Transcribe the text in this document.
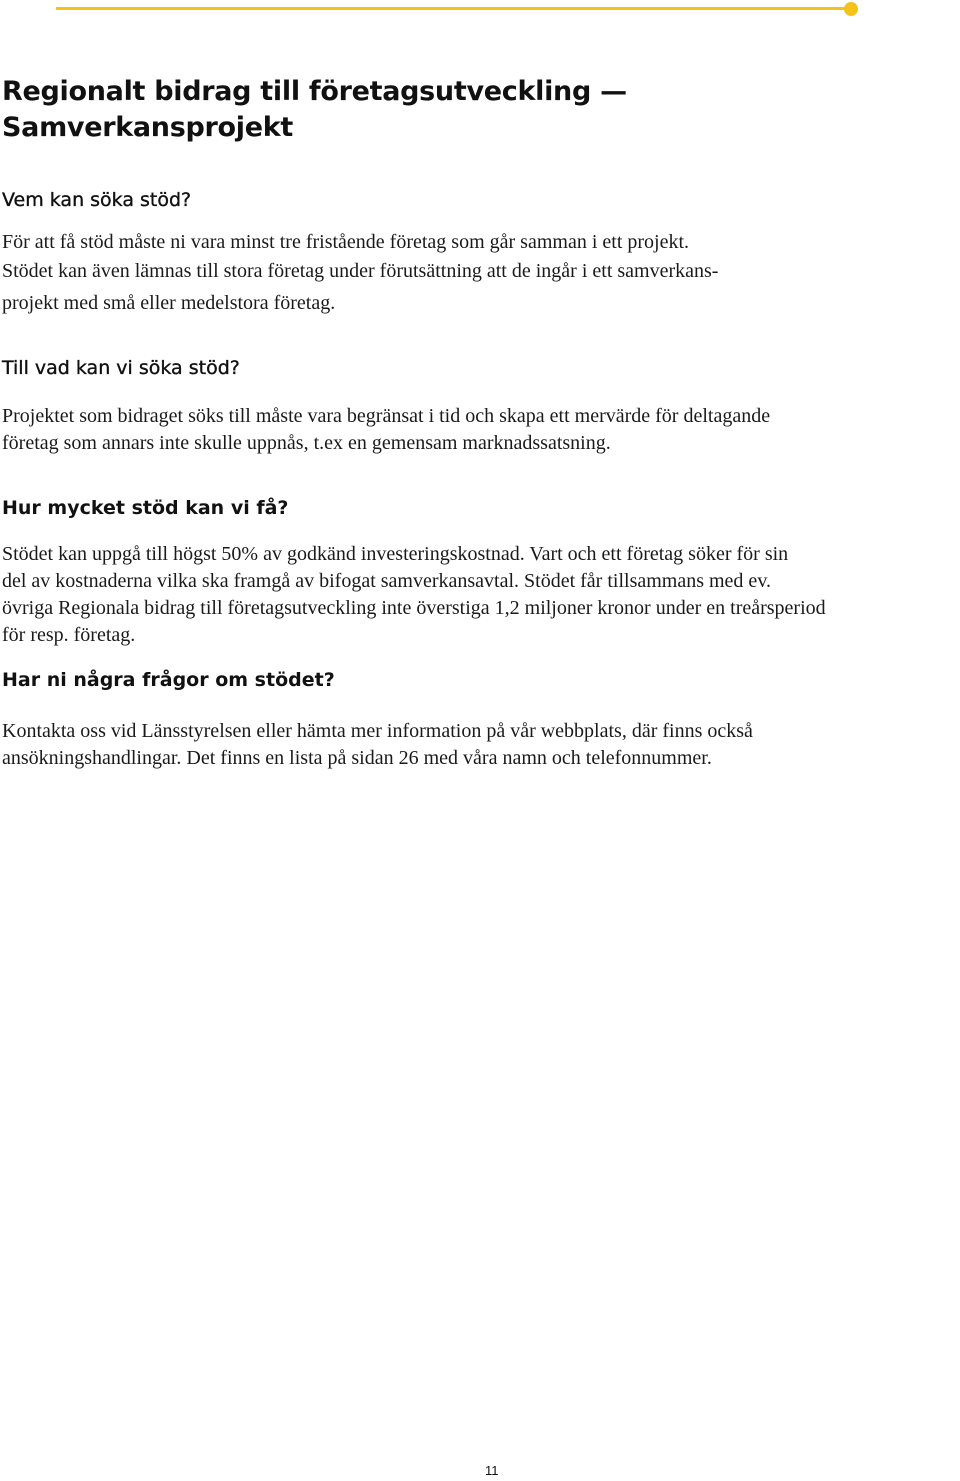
Regionalt bidrag till företagsutveckling —
Samverkansprojekt
Vem kan söka stöd?
För att få stöd måste ni vara minst tre fristående företag som går samman i ett projekt.
Stödet kan även lämnas till stora företag under förutsättning att de ingår i ett samverkans-
projekt med små eller medelstora företag.
Till vad kan vi söka stöd?
Projektet som bidraget söks till måste vara begränsat i tid och skapa ett mervärde för deltagande
företag som annars inte skulle uppnås, t.ex en gemensam marknadssatsning.
Hur mycket stöd kan vi få?
Stödet kan uppgå till högst 50% av godkänd investeringskostnad. Vart och ett företag söker för sin
del av kostnaderna vilka ska framgå av bifogat samverkansavtal. Stödet får tillsammans med ev.
övriga Regionala bidrag till företagsutveckling inte överstiga 1,2 miljoner kronor under en treårsperiod
för resp. företag.
Har ni några frågor om stödet?
Kontakta oss vid Länsstyrelsen eller hämta mer information på vår webbplats, där finns också
ansökningshandlingar. Det finns en lista på sidan 26 med våra namn och telefonnummer.
11
